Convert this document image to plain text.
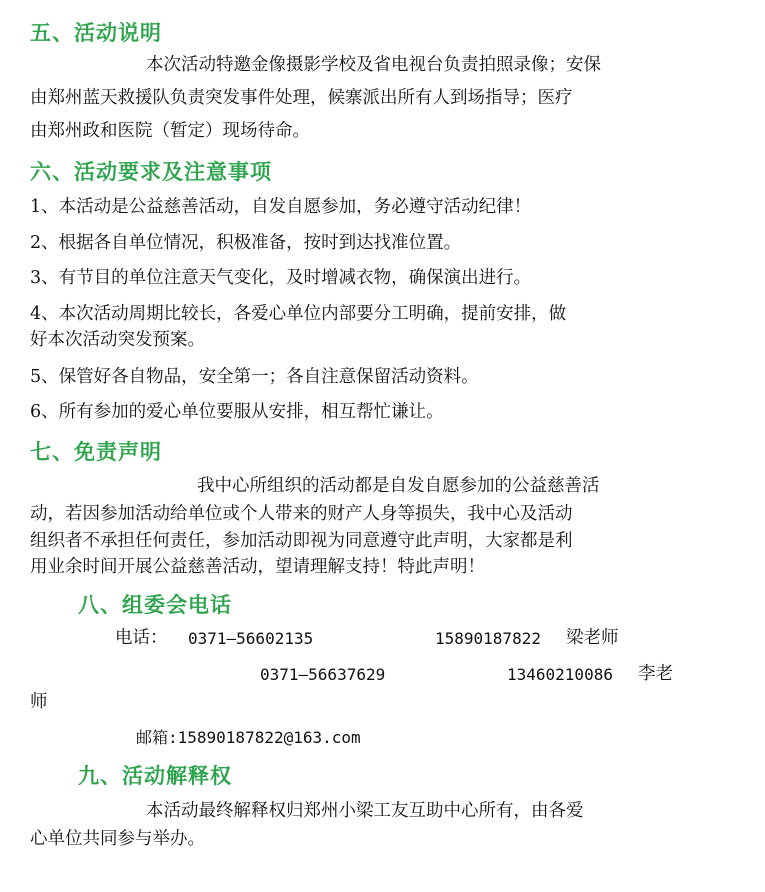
五、活动说明
本次活动特邀金像摄影学校及省电视台负责拍照录像；安保
由郑州蓝天救援队负责突发事件处理，候寨派出所有人到场指导；医疗
由郑州政和医院（暂定）现场待命。
六、活动要求及注意事项
1、本活动是公益慈善活动，自发自愿参加，务必遵守活动纪律！
2、根据各自单位情况，积极准备，按时到达找准位置。
3、有节目的单位注意天气变化，及时增减衣物，确保演出进行。
4、本次活动周期比较长，各爱心单位内部要分工明确，提前安排，做
好本次活动突发预案。
5、保管好各自物品，安全第一；各自注意保留活动资料。
6、所有参加的爱心单位要服从安排，相互帮忙谦让。
七、免责声明
我中心所组织的活动都是自发自愿参加的公益慈善活
动，若因参加活动给单位或个人带来的财产人身等损失，我中心及活动
组织者不承担任何责任，参加活动即视为同意遵守此声明，大家都是利
用业余时间开展公益慈善活动，望请理解支持！特此声明！
八、组委会电话
电话： 0371—56602135	15890187822 梁老师
0371—56637629	13460210086 李老
师
邮箱:15890187822@163.com
九、活动解释权
本活动最终解释权归郑州小梁工友互助中心所有，由各爱
心单位共同参与举办。
